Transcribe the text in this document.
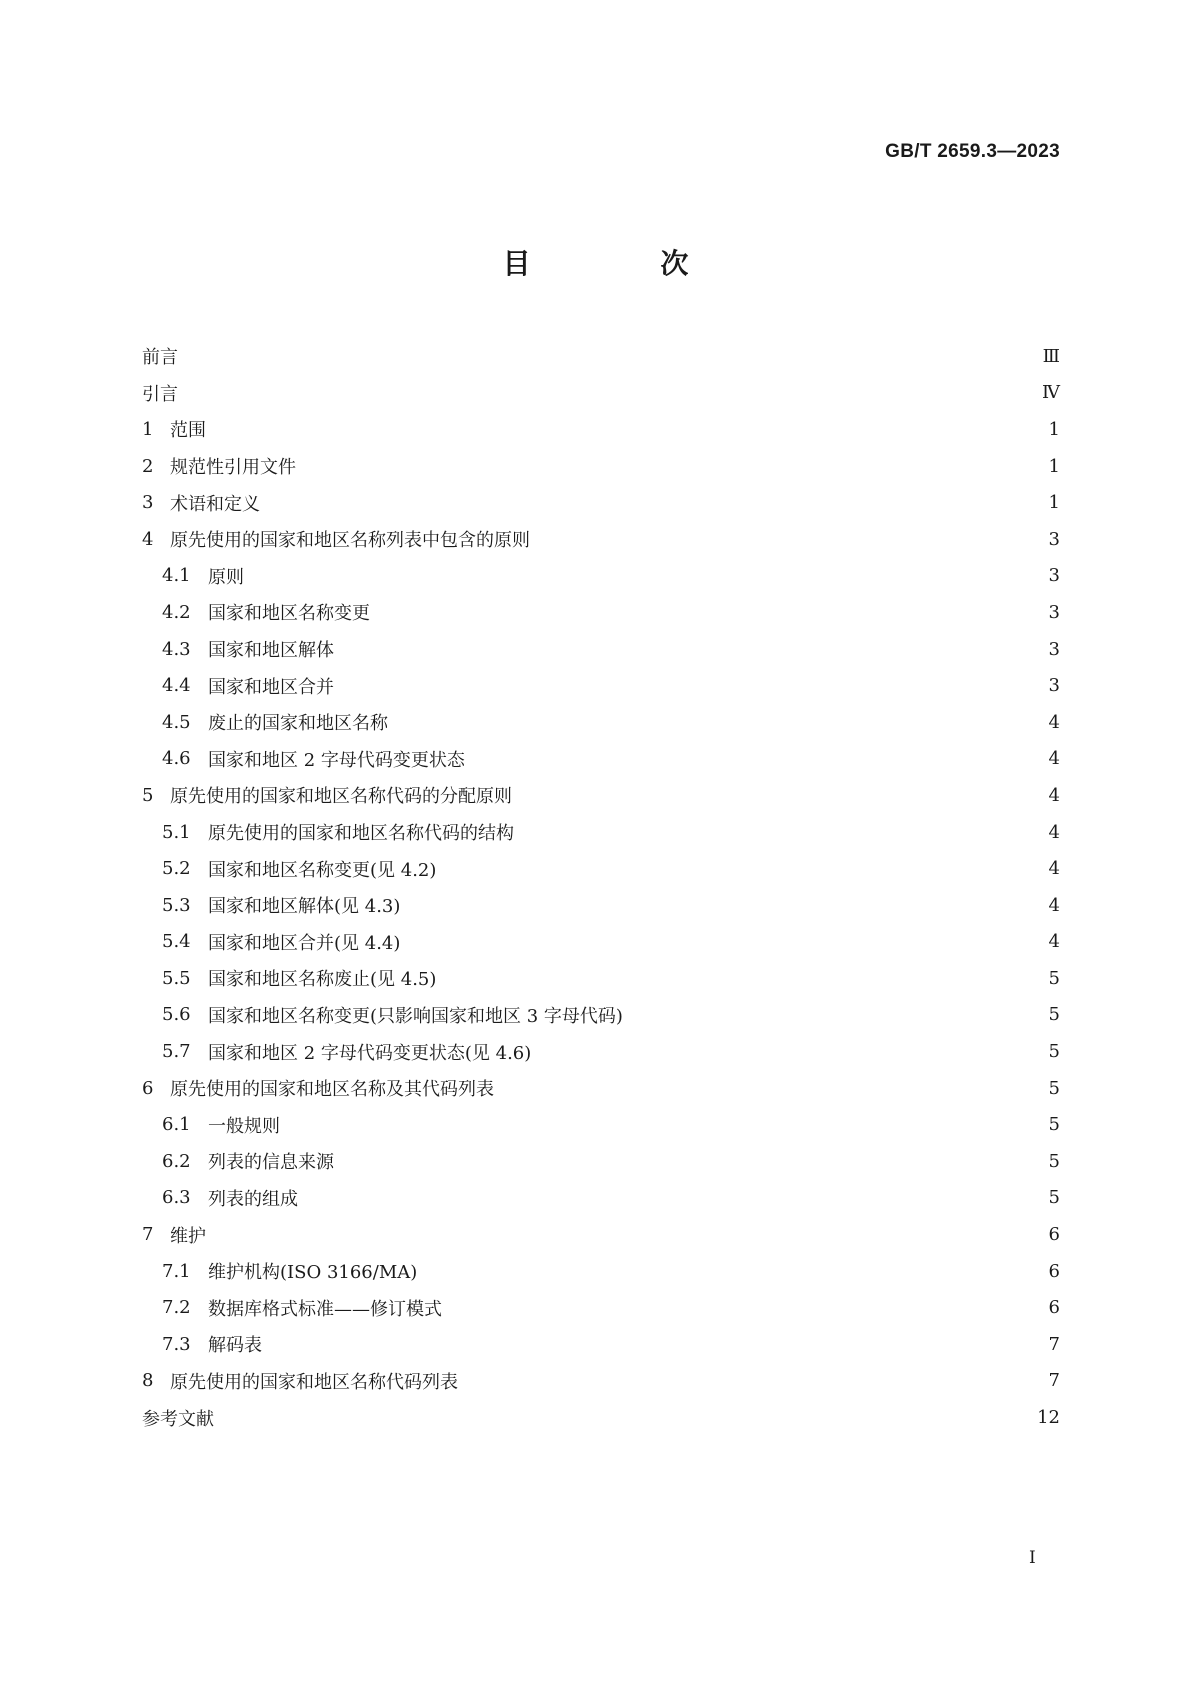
GB/T 2659.3—2023
目 次
前言	Ⅲ
引言	Ⅳ
1 范围	1
2 规范性引用文件	1
3 术语和定义	1
4 原先使用的国家和地区名称列表中包含的原则	3
4.1 原则	3
4.2 国家和地区名称变更	3
4.3 国家和地区解体	3
4.4 国家和地区合并	3
4.5 废止的国家和地区名称	4
4.6 国家和地区 2 字母代码变更状态	4
5 原先使用的国家和地区名称代码的分配原则	4
5.1 原先使用的国家和地区名称代码的结构	4
5.2 国家和地区名称变更(见 4.2)	4
5.3 国家和地区解体(见 4.3)	4
5.4 国家和地区合并(见 4.4)	4
5.5 国家和地区名称废止(见 4.5)	5
5.6 国家和地区名称变更(只影响国家和地区 3 字母代码)	5
5.7 国家和地区 2 字母代码变更状态(见 4.6)	5
6 原先使用的国家和地区名称及其代码列表	5
6.1 一般规则	5
6.2 列表的信息来源	5
6.3 列表的组成	5
7 维护	6
7.1 维护机构(ISO 3166/MA)	6
7.2 数据库格式标准——修订模式	6
7.3 解码表	7
8 原先使用的国家和地区名称代码列表	7
参考文献	12
I
